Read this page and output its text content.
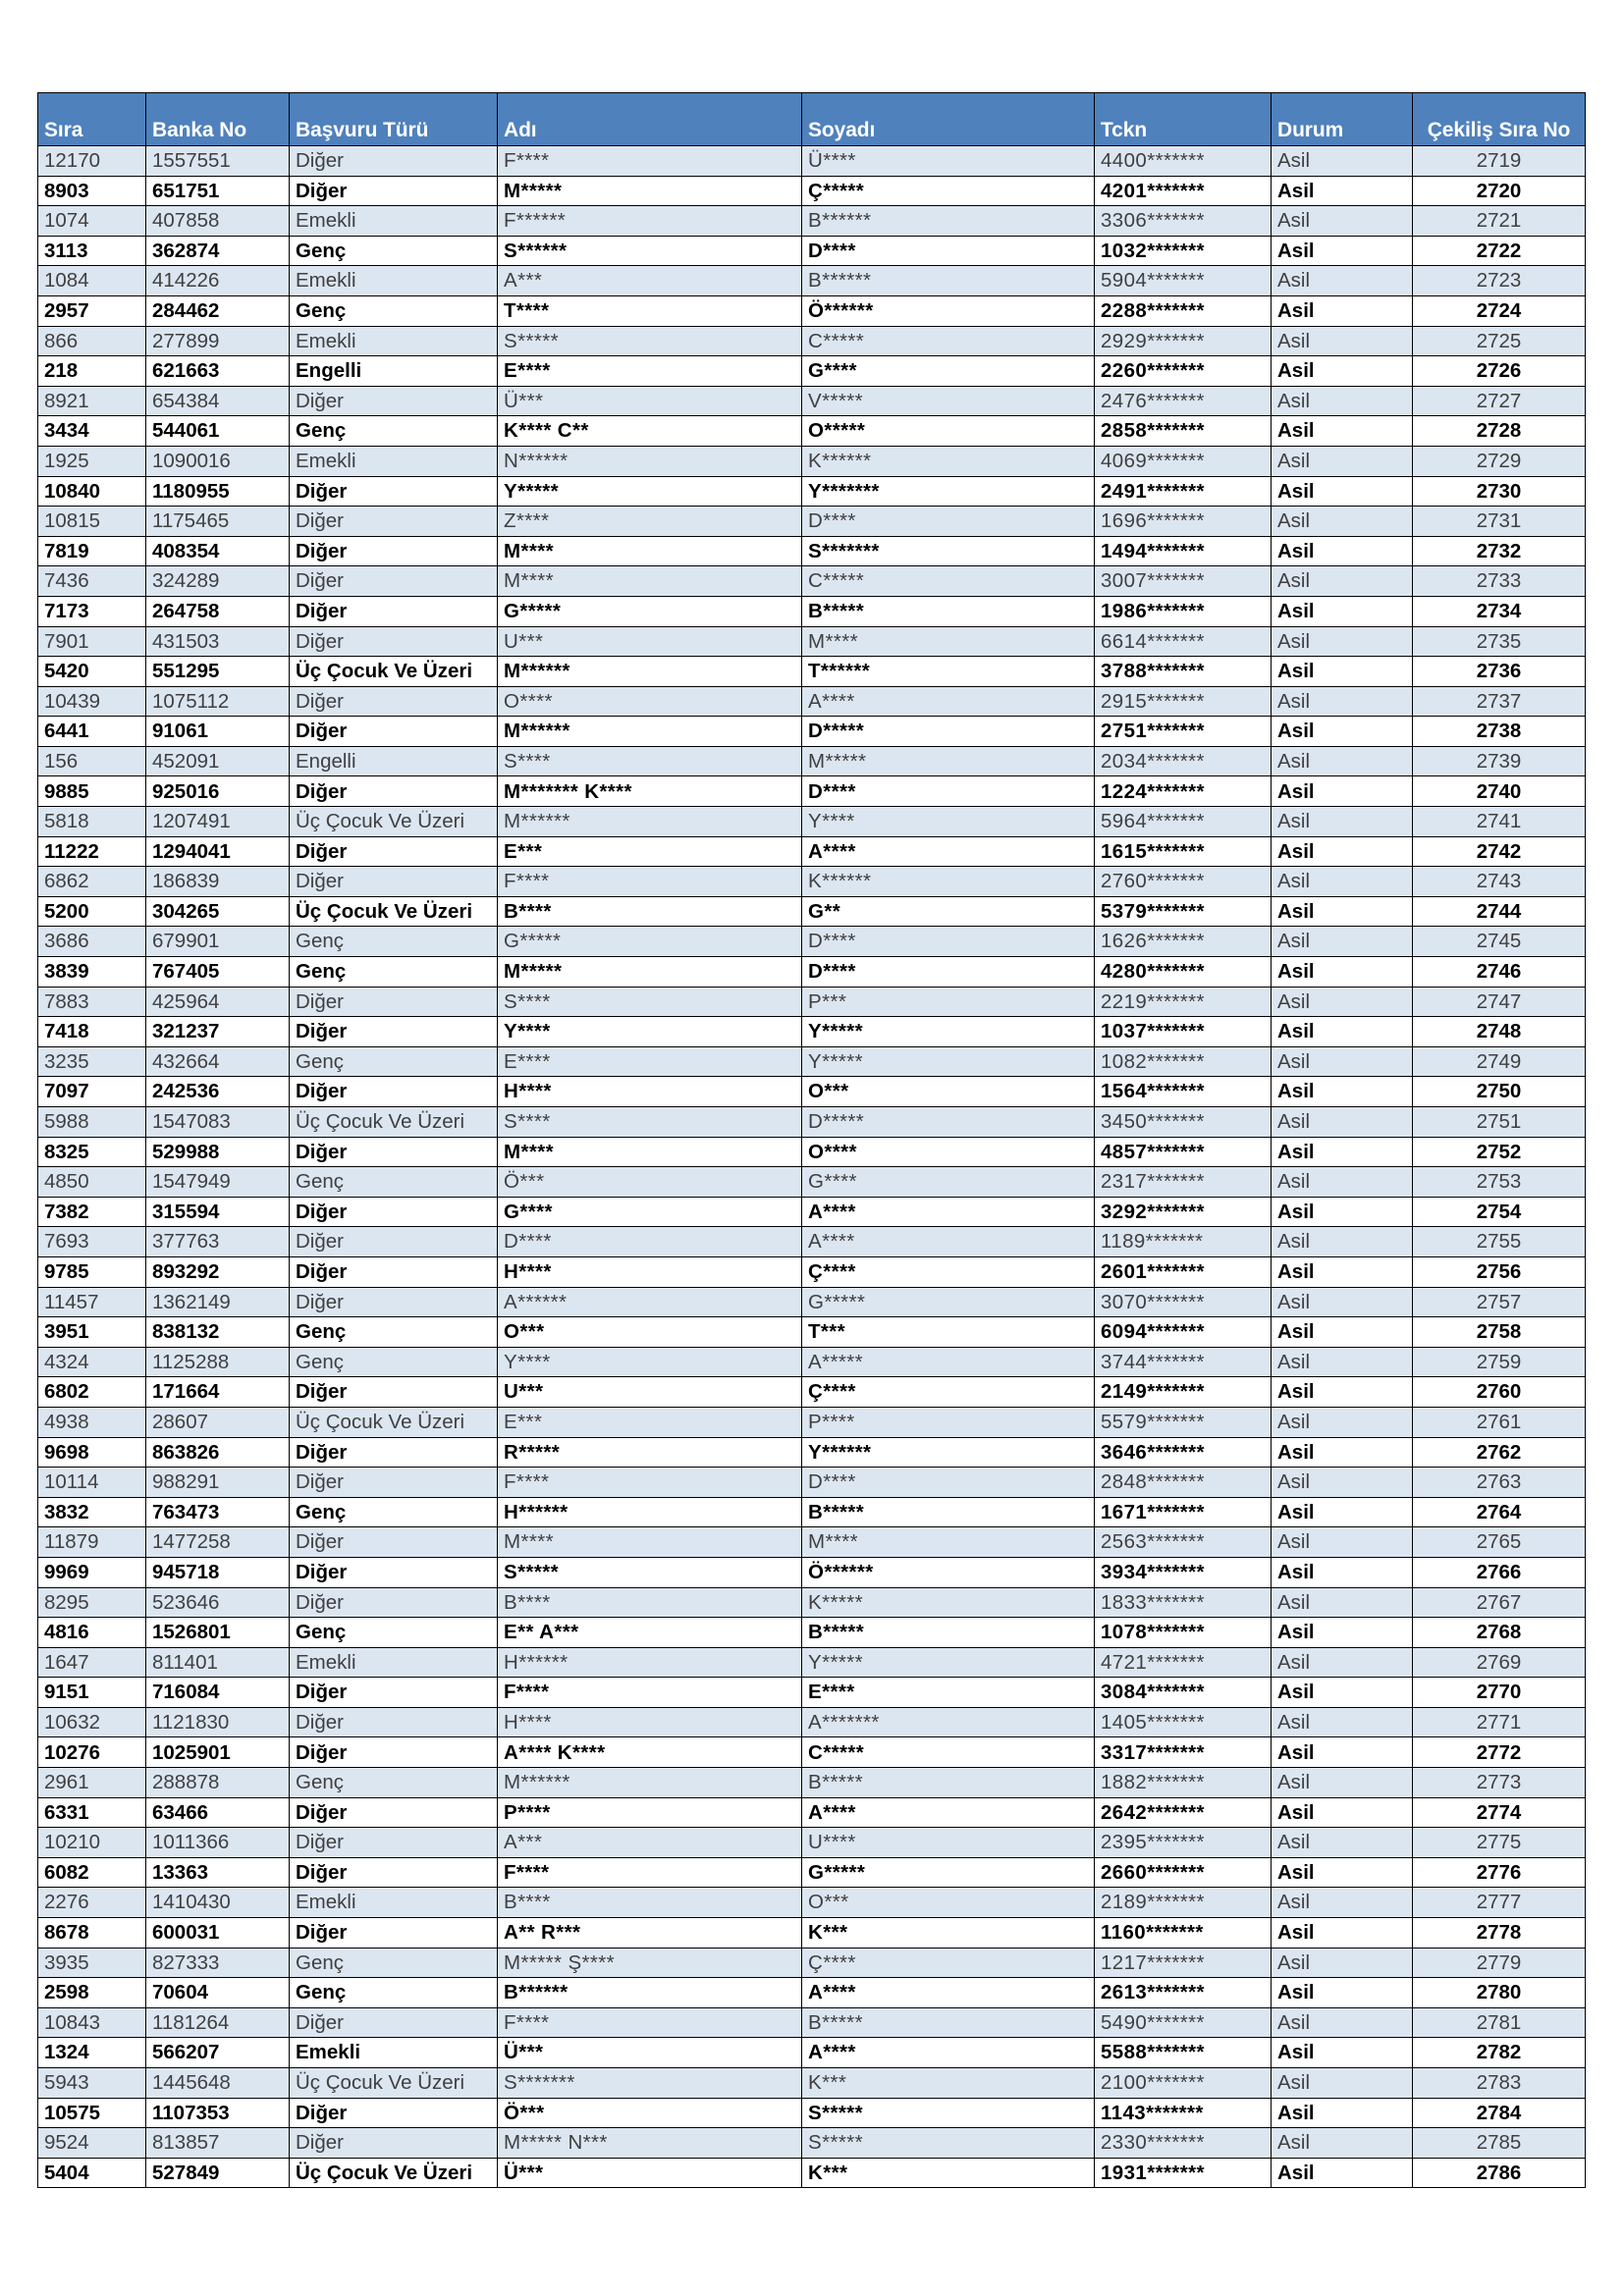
Sıra	Banka No	Başvuru Türü	Adı	Soyadı	Tckn	Durum	Çekiliş Sıra No
12170	1557551	Diğer	F****	Ü****	4400*******	Asil	2719
8903	651751	Diğer	M*****	Ç*****	4201*******	Asil	2720
1074	407858	Emekli	F******	B******	3306*******	Asil	2721
3113	362874	Genç	S******	D****	1032*******	Asil	2722
1084	414226	Emekli	A***	B******	5904*******	Asil	2723
2957	284462	Genç	T****	Ö******	2288*******	Asil	2724
866	277899	Emekli	S*****	C*****	2929*******	Asil	2725
218	621663	Engelli	E****	G****	2260*******	Asil	2726
8921	654384	Diğer	Ü***	V*****	2476*******	Asil	2727
3434	544061	Genç	K**** C**	O*****	2858*******	Asil	2728
1925	1090016	Emekli	N******	K******	4069*******	Asil	2729
10840	1180955	Diğer	Y*****	Y*******	2491*******	Asil	2730
10815	1175465	Diğer	Z****	D****	1696*******	Asil	2731
7819	408354	Diğer	M****	S*******	1494*******	Asil	2732
7436	324289	Diğer	M****	C*****	3007*******	Asil	2733
7173	264758	Diğer	G*****	B*****	1986*******	Asil	2734
7901	431503	Diğer	U***	M****	6614*******	Asil	2735
5420	551295	Üç Çocuk Ve Üzeri	M******	T******	3788*******	Asil	2736
10439	1075112	Diğer	O****	A****	2915*******	Asil	2737
6441	91061	Diğer	M******	D*****	2751*******	Asil	2738
156	452091	Engelli	S****	M*****	2034*******	Asil	2739
9885	925016	Diğer	M******* K****	D****	1224*******	Asil	2740
5818	1207491	Üç Çocuk Ve Üzeri	M******	Y****	5964*******	Asil	2741
11222	1294041	Diğer	E***	A****	1615*******	Asil	2742
6862	186839	Diğer	F****	K******	2760*******	Asil	2743
5200	304265	Üç Çocuk Ve Üzeri	B****	G**	5379*******	Asil	2744
3686	679901	Genç	G*****	D****	1626*******	Asil	2745
3839	767405	Genç	M*****	D****	4280*******	Asil	2746
7883	425964	Diğer	S****	P***	2219*******	Asil	2747
7418	321237	Diğer	Y****	Y*****	1037*******	Asil	2748
3235	432664	Genç	E****	Y*****	1082*******	Asil	2749
7097	242536	Diğer	H****	O***	1564*******	Asil	2750
5988	1547083	Üç Çocuk Ve Üzeri	S****	D*****	3450*******	Asil	2751
8325	529988	Diğer	M****	O****	4857*******	Asil	2752
4850	1547949	Genç	Ö***	G****	2317*******	Asil	2753
7382	315594	Diğer	G****	A****	3292*******	Asil	2754
7693	377763	Diğer	D****	A****	1189*******	Asil	2755
9785	893292	Diğer	H****	Ç****	2601*******	Asil	2756
11457	1362149	Diğer	A******	G*****	3070*******	Asil	2757
3951	838132	Genç	O***	T***	6094*******	Asil	2758
4324	1125288	Genç	Y****	A*****	3744*******	Asil	2759
6802	171664	Diğer	U***	Ç****	2149*******	Asil	2760
4938	28607	Üç Çocuk Ve Üzeri	E***	P****	5579*******	Asil	2761
9698	863826	Diğer	R*****	Y******	3646*******	Asil	2762
10114	988291	Diğer	F****	D****	2848*******	Asil	2763
3832	763473	Genç	H******	B*****	1671*******	Asil	2764
11879	1477258	Diğer	M****	M****	2563*******	Asil	2765
9969	945718	Diğer	S*****	Ö******	3934*******	Asil	2766
8295	523646	Diğer	B****	K*****	1833*******	Asil	2767
4816	1526801	Genç	E** A***	B*****	1078*******	Asil	2768
1647	811401	Emekli	H******	Y*****	4721*******	Asil	2769
9151	716084	Diğer	F****	E****	3084*******	Asil	2770
10632	1121830	Diğer	H****	A*******	1405*******	Asil	2771
10276	1025901	Diğer	A**** K****	C*****	3317*******	Asil	2772
2961	288878	Genç	M******	B*****	1882*******	Asil	2773
6331	63466	Diğer	P****	A****	2642*******	Asil	2774
10210	1011366	Diğer	A***	U****	2395*******	Asil	2775
6082	13363	Diğer	F****	G*****	2660*******	Asil	2776
2276	1410430	Emekli	B****	O***	2189*******	Asil	2777
8678	600031	Diğer	A** R***	K***	1160*******	Asil	2778
3935	827333	Genç	M***** Ş****	Ç****	1217*******	Asil	2779
2598	70604	Genç	B******	A****	2613*******	Asil	2780
10843	1181264	Diğer	F****	B*****	5490*******	Asil	2781
1324	566207	Emekli	Ü***	A****	5588*******	Asil	2782
5943	1445648	Üç Çocuk Ve Üzeri	S*******	K***	2100*******	Asil	2783
10575	1107353	Diğer	Ö***	S*****	1143*******	Asil	2784
9524	813857	Diğer	M***** N***	S*****	2330*******	Asil	2785
5404	527849	Üç Çocuk Ve Üzeri	Ü***	K***	1931*******	Asil	2786
